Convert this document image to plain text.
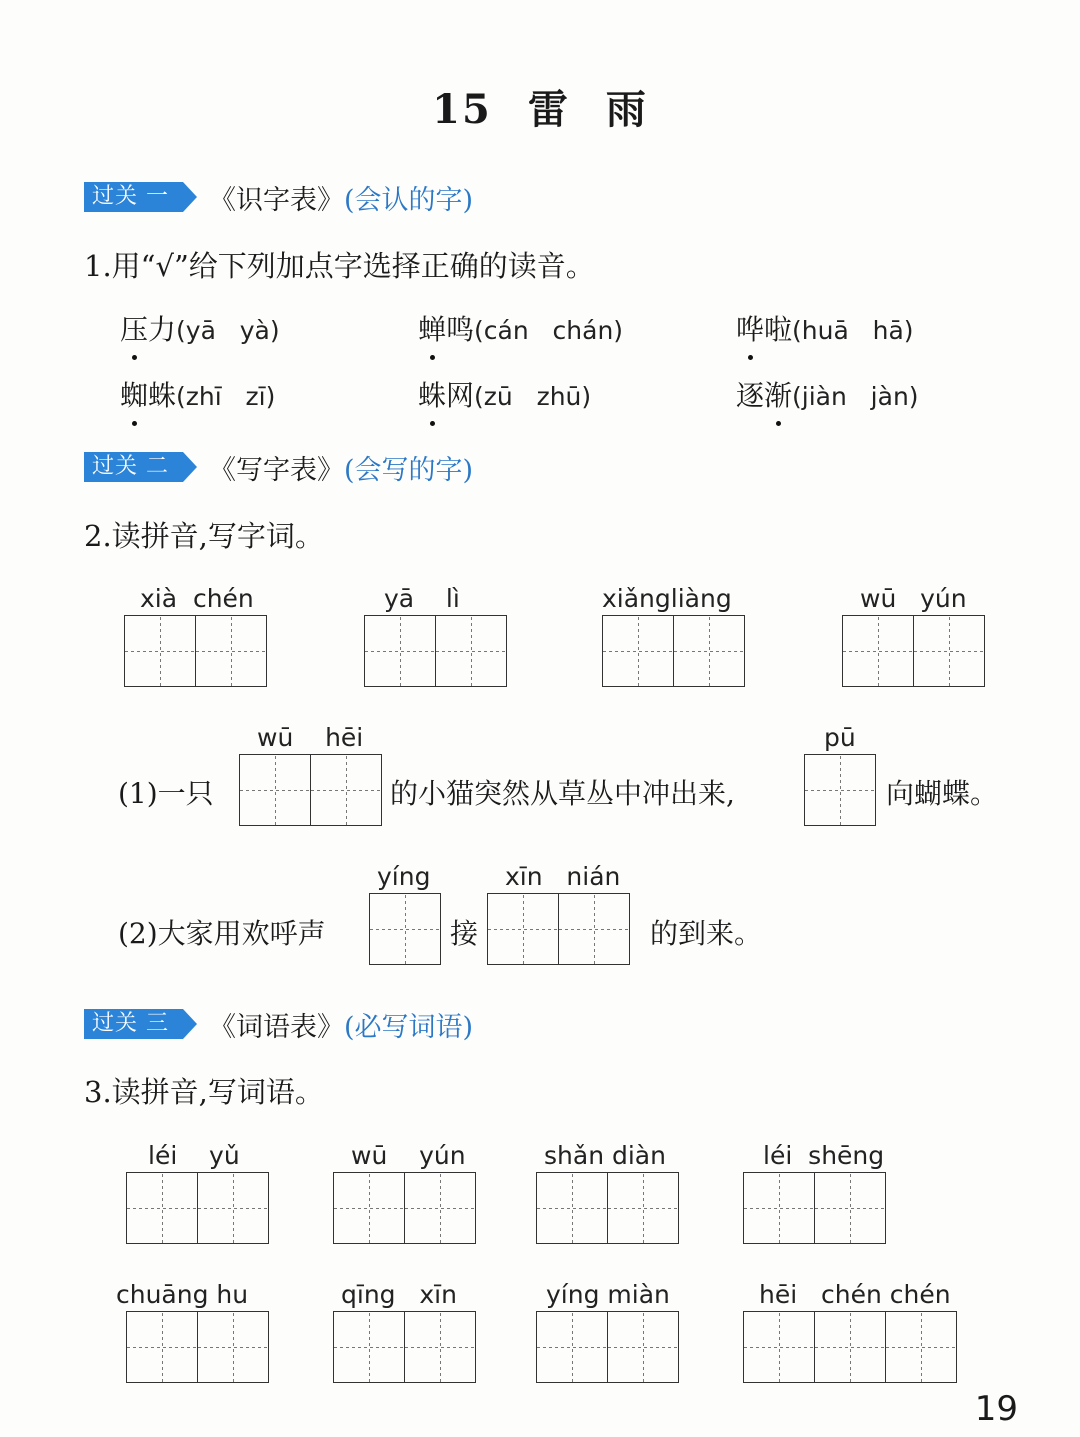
15 雷 雨
过关 一	《识字表》 (会认的字)
1.用“√”给下列加点字选择正确的读音。
压力(yā   yà)	蝉鸣(cán   chán)	哗啦(huā   hā)
蜘蛛(zhī   zī)	蛛网(zū   zhū)	逐渐(jiàn   jàn)
过关 二	《写字表》 (会写的字)
2.读拼音,写字词。
xià  chén	yā    lì	xiǎngliàng	wū   yún
(1)一只
wū    hēi
的小猫突然从草丛中冲出来,
pū
向蝴蝶。
(2)大家用欢呼声
yíng
接
xīn   nián
的到来。
过关 三	《词语表》 (必写词语)
3.读拼音,写词语。
léi    yǔ	wū    yún	shǎn diàn	léi  shēng
chuāng hu	qīng   xīn	yíng miàn	hēi   chén chén
19
